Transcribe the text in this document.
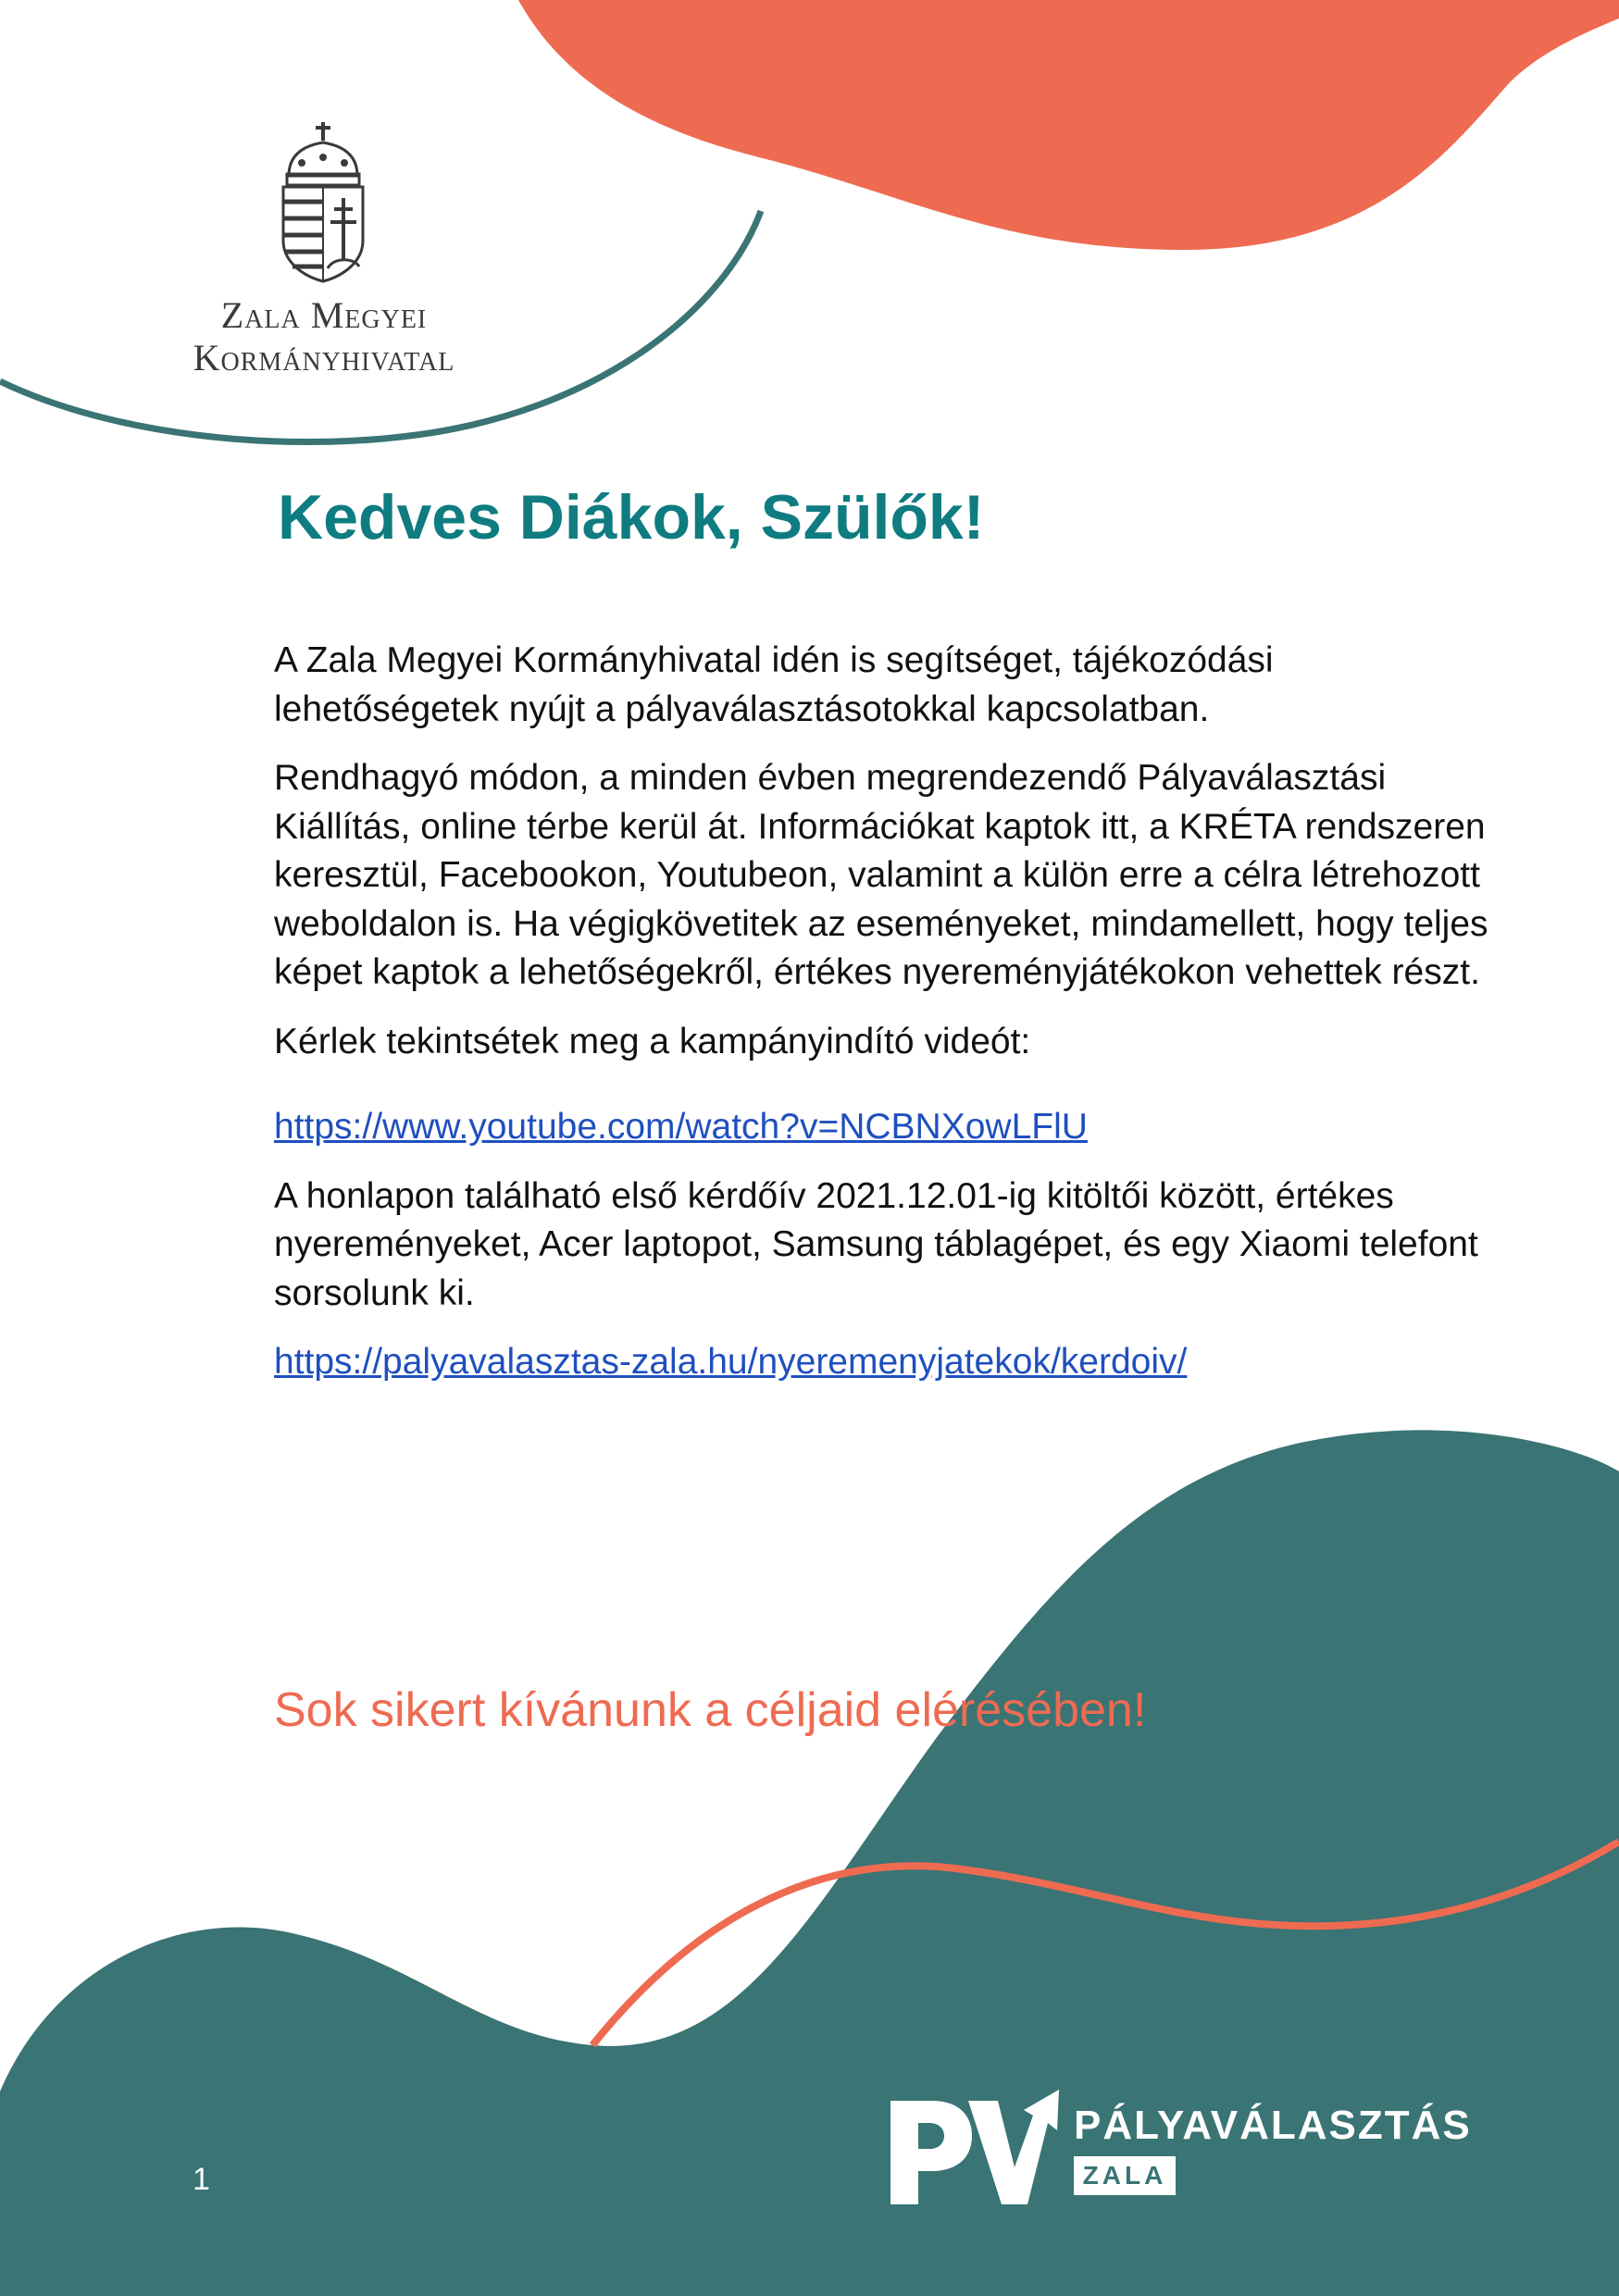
Zala Megyei
Kormányhivatal
Kedves Diákok, Szülők!

A Zala Megyei Kormányhivatal idén is segítséget, tájékozódási lehetőségetek nyújt a pályaválasztásotokkal kapcsolatban.

Rendhagyó módon, a minden évben megrendezendő Pályaválasztási Kiállítás, online térbe kerül át. Információkat kaptok itt, a KRÉTA rendszeren keresztül, Facebookon, Youtubeon, valamint a külön erre a célra létrehozott weboldalon is. Ha végigkövetitek az eseményeket, mindamellett, hogy teljes képet kaptok a lehetőségekről, értékes nyereményjátékokon vehettek részt.

Kérlek tekintsétek meg a kampányindító videót:

https://www.youtube.com/watch?v=NCBNXowLFlU

A honlapon található első kérdőív 2021.12.01-ig kitöltői között, értékes nyereményeket, Acer laptopot, Samsung táblagépet, és egy Xiaomi telefont sorsolunk ki.

https://palyavalasztas-zala.hu/nyeremenyjatekok/kerdoiv/

Sok sikert kívánunk a céljaid elérésében!
1
PÁLYAVÁLASZTÁS
ZALA
